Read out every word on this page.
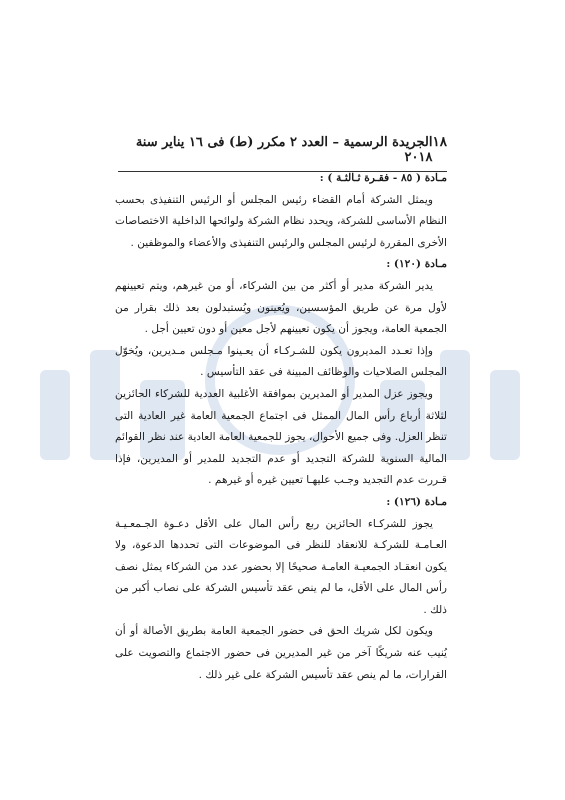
١٨
الجريدة الرسمية – العدد ٢ مكرر (ط) فى ١٦ يناير سنة ٢٠١٨

مـادة ( ٨٥ - فقـرة ثـالثـة ) :

ويمثل الشركة أمام القضاء رئيس المجلس أو الرئيس التنفيذى بحسب النظام الأساسى للشركة، ويحدد نظام الشركة ولوائحها الداخلية الاختصاصات الأخرى المقررة لرئيس المجلس والرئيس التنفيذى والأعضاء والموظفين .

مـادة (١٢٠) :

يدير الشركة مدير أو أكثر من بين الشركاء، أو من غيرهم، ويتم تعيينهم لأول مرة عن طريق المؤسسين، ويُعينون ويُستبدلون بعد ذلك بقرار من الجمعية العامة، ويجوز أن يكون تعيينهم لأجل معين أو دون تعيين أجل .

وإذا تعـدد المديرون يكون للشـركـاء أن يعـينوا مـجلس مـديرين، ويُخوّل المجلس الصلاحيات والوظائف المبينة فى عقد التأسيس .

ويجوز عزل المدير أو المديرين بموافقة الأغلبية العددية للشركاء الحائزين لثلاثة أرباع رأس المال الممثل فى اجتماع الجمعية العامة غير العادية التى تنظر العزل. وفى جميع الأحوال، يجوز للجمعية العامة العادية عند نظر القوائم المالية السنوية للشركة التجديد أو عدم التجديد للمدير أو المديرين، فإذا قـررت عدم التجديد وجـب عليهـا تعيين غيره أو غيرهم .

مـادة (١٢٦) :

يجوز للشركـاء الحائزين ربع رأس المال على الأقل دعـوة الجـمعـيـة العـامـة للشركـة للانعقاد للنظر فى الموضوعات التى تحددها الدعوة، ولا يكون انعقـاد الجمعيـة العامـة صحيحًا إلا بحضور عدد من الشركاء يمثل نصف رأس المال على الأقل، ما لم ينص عقد تأسيس الشركة على نصاب أكبر من ذلك .

ويكون لكل شريك الحق فى حضور الجمعية العامة بطريق الأصالة أو أن يُنيب عنه شريكًا آخر من غير المديرين فى حضور الاجتماع والتصويت على القرارات، ما لم ينص عقد تأسيس الشركة على غير ذلك .
